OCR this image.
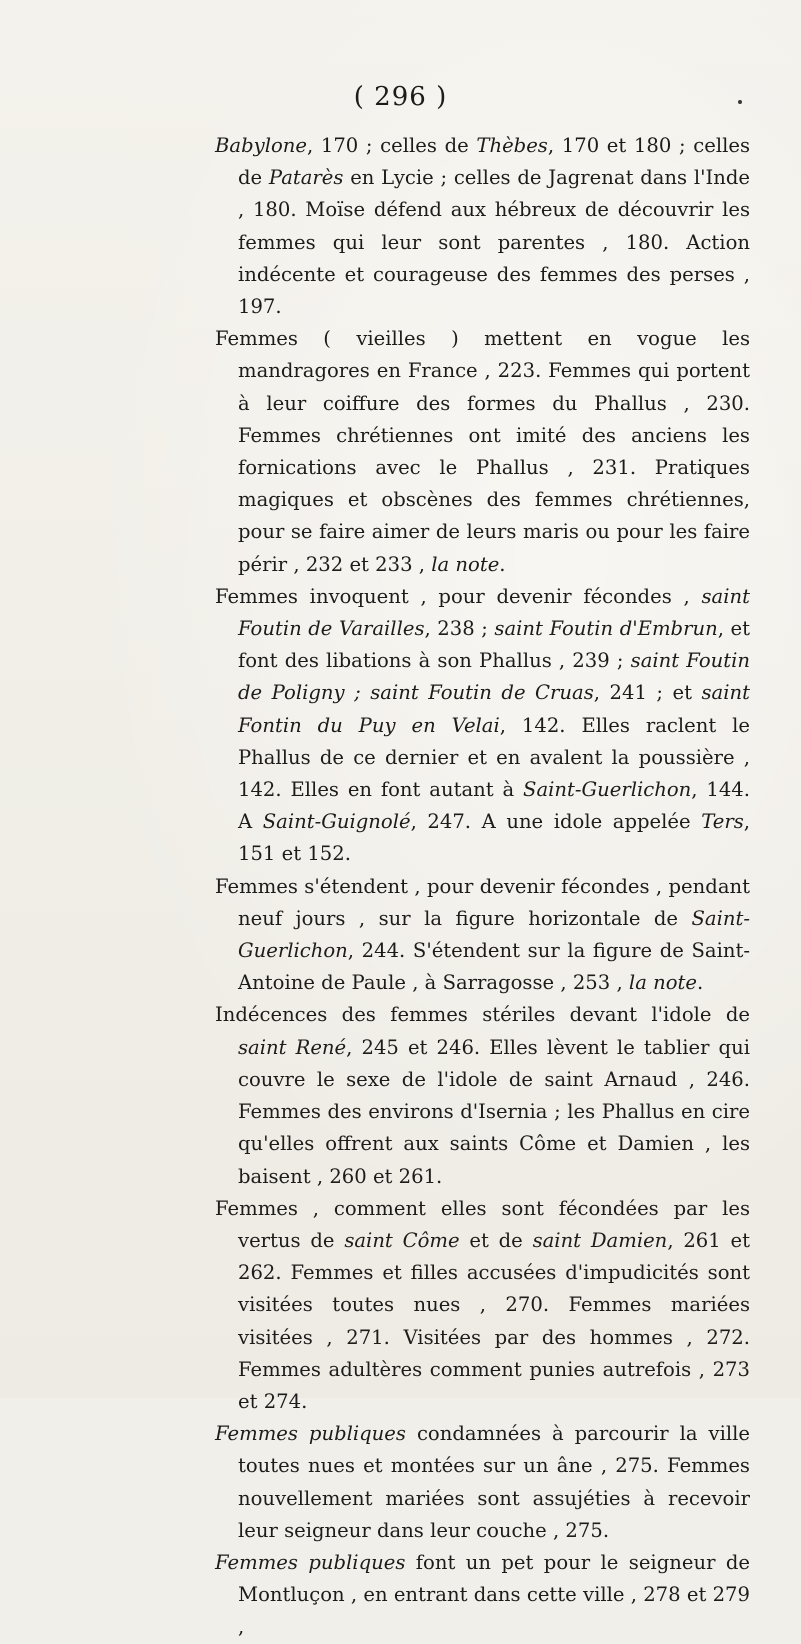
( 296 )

Babylone, 170 ; celles de Thèbes, 170 et 180 ; celles de Patarès en Lycie ; celles de Jagrenat dans l'Inde , 180. Moïse défend aux hébreux de découvrir les femmes qui leur sont parentes , 180. Action indécente et courageuse des femmes des perses , 197.

Femmes ( vieilles ) mettent en vogue les mandragores en France , 223. Femmes qui portent à leur coiffure des formes du Phallus , 230. Femmes chrétiennes ont imité des anciens les fornications avec le Phallus , 231. Pratiques magiques et obscènes des femmes chrétiennes, pour se faire aimer de leurs maris ou pour les faire périr , 232 et 233 , la note.

Femmes invoquent , pour devenir fécondes , saint Foutin de Varailles, 238 ; saint Foutin d'Embrun, et font des libations à son Phallus , 239 ; saint Foutin de Poligny ; saint Foutin de Cruas, 241 ; et saint Fontin du Puy en Velai, 142. Elles raclent le Phallus de ce dernier et en avalent la poussière , 142. Elles en font autant à Saint-Guerlichon, 144. A Saint-Guignolé, 247. A une idole appelée Ters, 151 et 152.

Femmes s'étendent , pour devenir fécondes , pendant neuf jours , sur la figure horizontale de Saint-Guerlichon, 244. S'étendent sur la figure de Saint-Antoine de Paule , à Sarragosse , 253 , la note.

Indécences des femmes stériles devant l'idole de saint René, 245 et 246. Elles lèvent le tablier qui couvre le sexe de l'idole de saint Arnaud , 246. Femmes des environs d'Isernia ; les Phallus en cire qu'elles offrent aux saints Côme et Damien , les baisent , 260 et 261.

Femmes , comment elles sont fécondées par les vertus de saint Côme et de saint Damien, 261 et 262. Femmes et filles accusées d'impudicités sont visitées toutes nues , 270. Femmes mariées visitées , 271. Visitées par des hommes , 272. Femmes adultères comment punies autrefois , 273 et 274.

Femmes publiques condamnées à parcourir la ville toutes nues et montées sur un âne , 275. Femmes nouvellement mariées sont assujéties à recevoir leur seigneur dans leur couche , 275.

Femmes publiques font un pet pour le seigneur de Montluçon , en entrant dans cette ville , 278 et 279 ,
